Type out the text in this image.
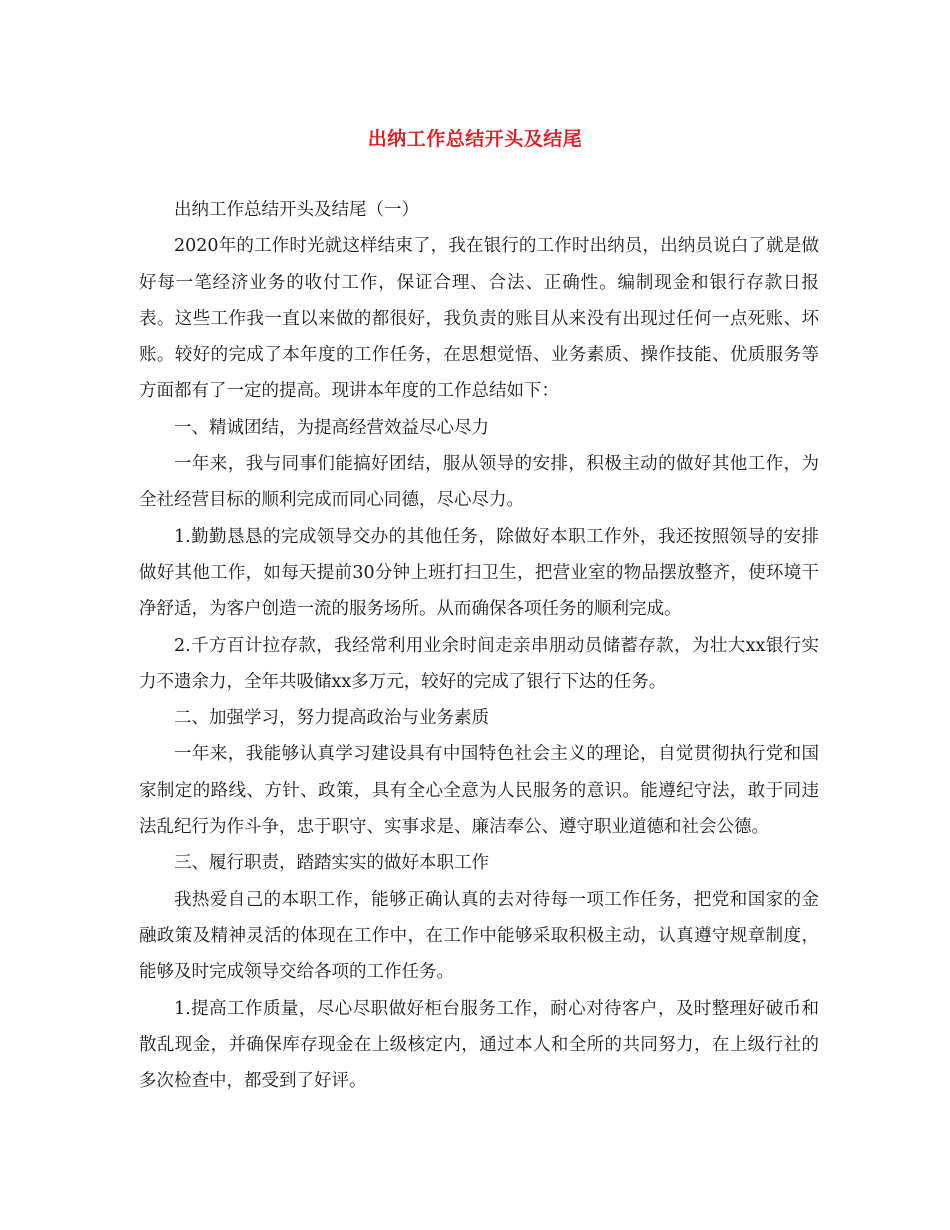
出纳工作总结开头及结尾

出纳工作总结开头及结尾（一）

2020年的工作时光就这样结束了，我在银行的工作时出纳员，出纳员说白了就是做好每一笔经济业务的收付工作，保证合理、合法、正确性。编制现金和银行存款日报表。这些工作我一直以来做的都很好，我负责的账目从来没有出现过任何一点死账、坏账。较好的完成了本年度的工作任务，在思想觉悟、业务素质、操作技能、优质服务等方面都有了一定的提高。现讲本年度的工作总结如下：

一、精诚团结，为提高经营效益尽心尽力

一年来，我与同事们能搞好团结，服从领导的安排，积极主动的做好其他工作，为全社经营目标的顺利完成而同心同德，尽心尽力。

1.勤勤恳恳的完成领导交办的其他任务，除做好本职工作外，我还按照领导的安排做好其他工作，如每天提前30分钟上班打扫卫生，把营业室的物品摆放整齐，使环境干净舒适，为客户创造一流的服务场所。从而确保各项任务的顺利完成。

2.千方百计拉存款，我经常利用业余时间走亲串朋动员储蓄存款，为壮大xx银行实力不遗余力，全年共吸储xx多万元，较好的完成了银行下达的任务。

二、加强学习，努力提高政治与业务素质

一年来，我能够认真学习建设具有中国特色社会主义的理论，自觉贯彻执行党和国家制定的路线、方针、政策，具有全心全意为人民服务的意识。能遵纪守法，敢于同违法乱纪行为作斗争，忠于职守、实事求是、廉洁奉公、遵守职业道德和社会公德。

三、履行职责，踏踏实实的做好本职工作

我热爱自己的本职工作，能够正确认真的去对待每一项工作任务，把党和国家的金融政策及精神灵活的体现在工作中，在工作中能够采取积极主动，认真遵守规章制度，能够及时完成领导交给各项的工作任务。

1.提高工作质量，尽心尽职做好柜台服务工作，耐心对待客户，及时整理好破币和散乱现金，并确保库存现金在上级核定内，通过本人和全所的共同努力，在上级行社的多次检查中，都受到了好评。
